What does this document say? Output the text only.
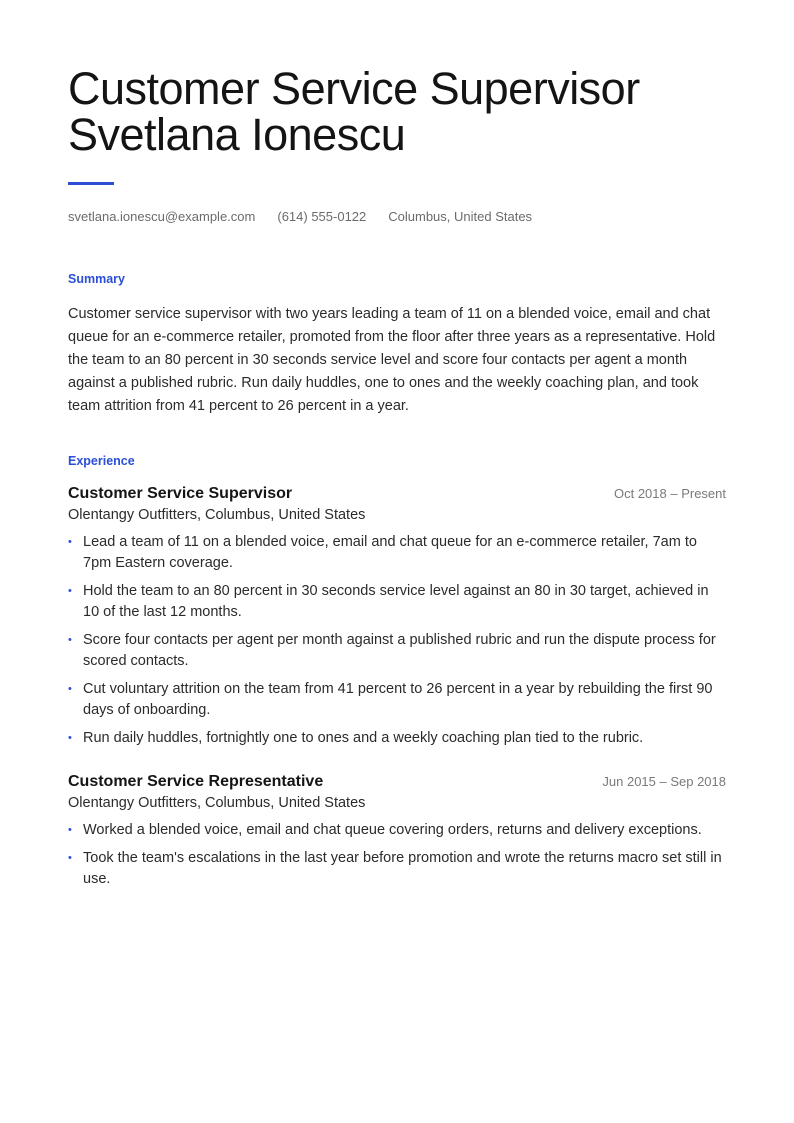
Customer Service Supervisor
Svetlana Ionescu
svetlana.ionescu@example.com (614) 555-0122 Columbus, United States
Summary

Customer service supervisor with two years leading a team of 11 on a blended voice, email and chat queue for an e-commerce retailer, promoted from the floor after three years as a representative. Hold the team to an 80 percent in 30 seconds service level and score four contacts per agent a month against a published rubric. Run daily huddles, one to ones and the weekly coaching plan, and took team attrition from 41 percent to 26 percent in a year.

Experience
Customer Service Supervisor	Oct 2018 – Present
Olentangy Outfitters, Columbus, United States
• Lead a team of 11 on a blended voice, email and chat queue for an e-commerce retailer, 7am to 7pm Eastern coverage.
• Hold the team to an 80 percent in 30 seconds service level against an 80 in 30 target, achieved in 10 of the last 12 months.
• Score four contacts per agent per month against a published rubric and run the dispute process for scored contacts.
• Cut voluntary attrition on the team from 41 percent to 26 percent in a year by rebuilding the first 90 days of onboarding.
• Run daily huddles, fortnightly one to ones and a weekly coaching plan tied to the rubric.
Customer Service Representative	Jun 2015 – Sep 2018
Olentangy Outfitters, Columbus, United States
• Worked a blended voice, email and chat queue covering orders, returns and delivery exceptions.
• Took the team's escalations in the last year before promotion and wrote the returns macro set still in use.
